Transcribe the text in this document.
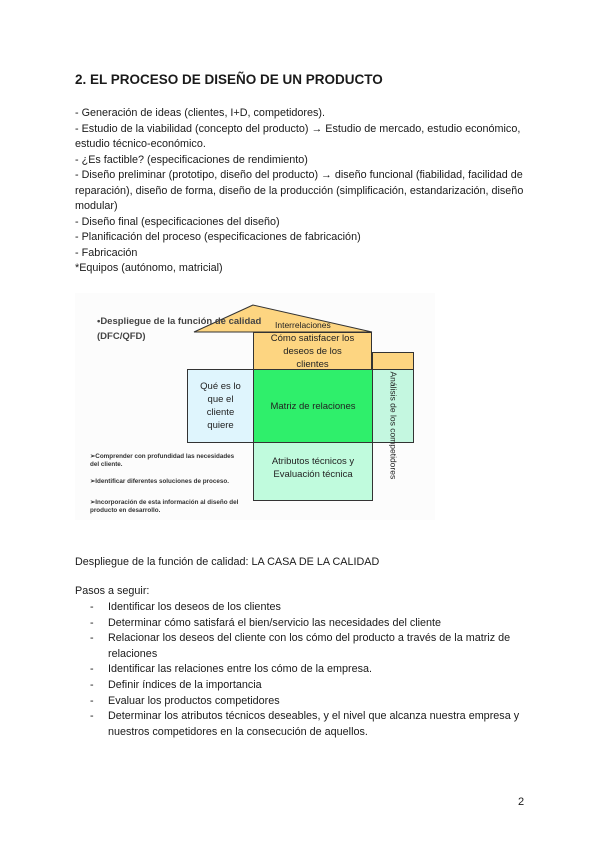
2. EL PROCESO DE DISEÑO DE UN PRODUCTO
- Generación de ideas (clientes, I+D, competidores).
- Estudio de la viabilidad (concepto del producto) → Estudio de mercado, estudio económico,
estudio técnico-económico.
- ¿Es factible? (especificaciones de rendimiento)
- Diseño preliminar (prototipo, diseño del producto) → diseño funcional (fiabilidad, facilidad de
reparación), diseño de forma, diseño de la producción (simplificación, estandarización, diseño
modular)
- Diseño final (especificaciones del diseño)
- Planificación del proceso (especificaciones de fabricación)
- Fabricación
*Equipos (autónomo, matricial)
•Despliegue de la función de calidad
(DFC/QFD)
Interrelaciones
Cómo satisfacer los deseos de los clientes
Qué es lo que el cliente quiere
Matriz de relaciones	Análisis de los competidores
Atributos técnicos y Evaluación técnica
➢Comprender con profundidad las necesidades del cliente.
➢Identificar diferentes soluciones de proceso.
➢Incorporación de esta información al diseño del producto en desarrollo.
Despliegue de la función de calidad: LA CASA DE LA CALIDAD
Pasos a seguir:
- Identificar los deseos de los clientes
- Determinar cómo satisfará el bien/servicio las necesidades del cliente
- Relacionar los deseos del cliente con los cómo del producto a través de la matriz de
relaciones
- Identificar las relaciones entre los cómo de la empresa.
- Definir índices de la importancia
- Evaluar los productos competidores
- Determinar los atributos técnicos deseables, y el nivel que alcanza nuestra empresa y
nuestros competidores en la consecución de aquellos.
2
